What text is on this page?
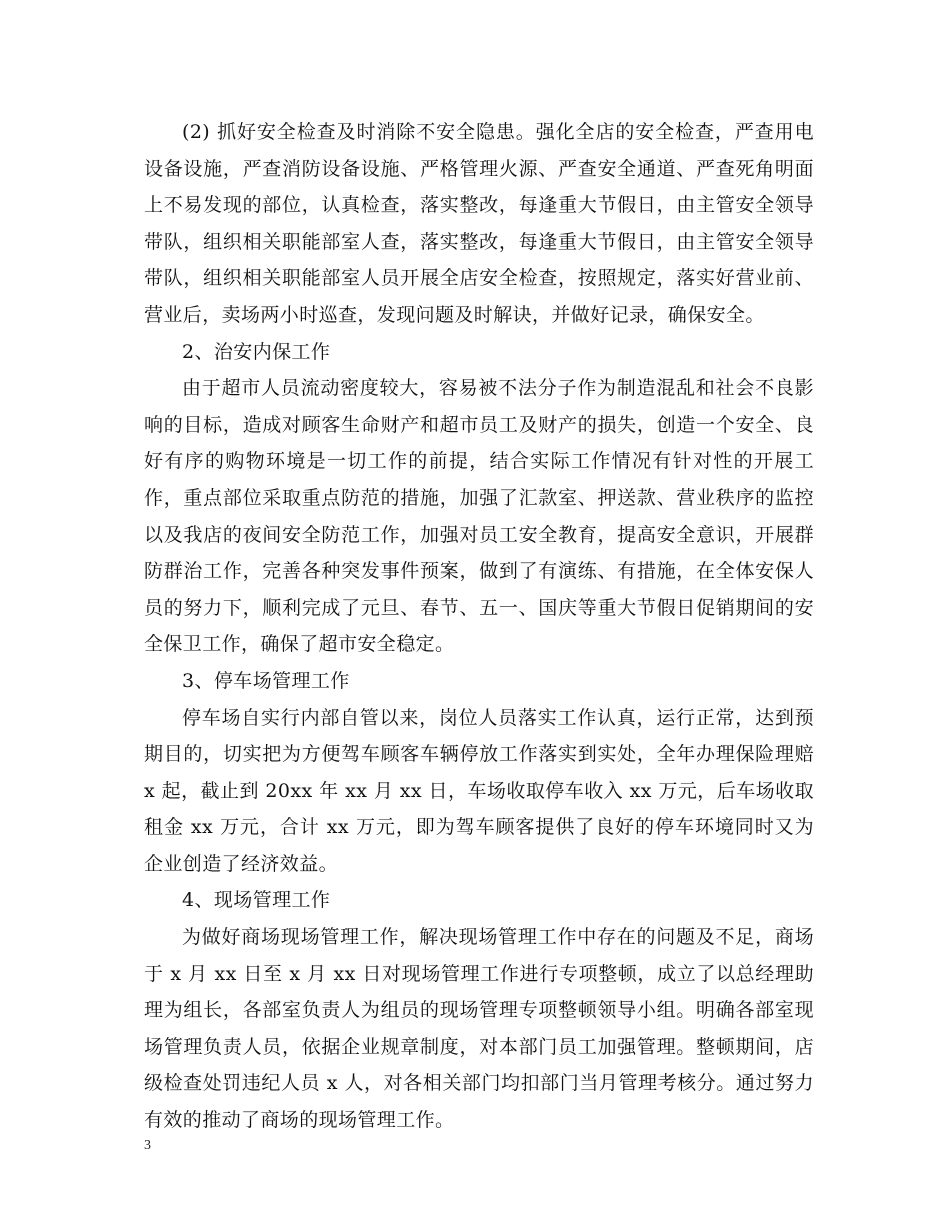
(2) 抓好安全检查及时消除不安全隐患。强化全店的安全检查，严查用电设备设施，严查消防设备设施、严格管理火源、严查安全通道、严查死角明面上不易发现的部位，认真检查，落实整改，每逢重大节假日，由主管安全领导带队，组织相关职能部室人查，落实整改，每逢重大节假日，由主管安全领导带队，组织相关职能部室人员开展全店安全检查，按照规定，落实好营业前、营业后，卖场两小时巡查，发现问题及时解诀，并做好记录，确保安全。

2、治安内保工作

由于超市人员流动密度较大，容易被不法分子作为制造混乱和社会不良影响的目标，造成对顾客生命财产和超市员工及财产的损失，创造一个安全、良好有序的购物环境是一切工作的前提，结合实际工作情况有针对性的开展工作，重点部位采取重点防范的措施，加强了汇款室、押送款、营业秩序的监控以及我店的夜间安全防范工作，加强对员工安全教育，提高安全意识，开展群防群治工作，完善各种突发事件预案，做到了有演练、有措施，在全体安保人员的努力下，顺利完成了元旦、春节、五一、国庆等重大节假日促销期间的安全保卫工作，确保了超市安全稳定。

3、停车场管理工作

停车场自实行内部自管以来，岗位人员落实工作认真，运行正常，达到预期目的，切实把为方便驾车顾客车辆停放工作落实到实处，全年办理保险理赔 x 起，截止到 20xx 年 xx 月 xx 日，车场收取停车收入 xx 万元，后车场收取租金 xx 万元，合计 xx 万元，即为驾车顾客提供了良好的停车环境同时又为企业创造了经济效益。

4、现场管理工作

为做好商场现场管理工作，解决现场管理工作中存在的问题及不足，商场于 x 月 xx 日至 x 月 xx 日对现场管理工作进行专项整顿，成立了以总经理助理为组长，各部室负责人为组员的现场管理专项整顿领导小组。明确各部室现场管理负责人员，依据企业规章制度，对本部门员工加强管理。整顿期间，店级检查处罚违纪人员 x 人，对各相关部门均扣部门当月管理考核分。通过努力有效的推动了商场的现场管理工作。

3
